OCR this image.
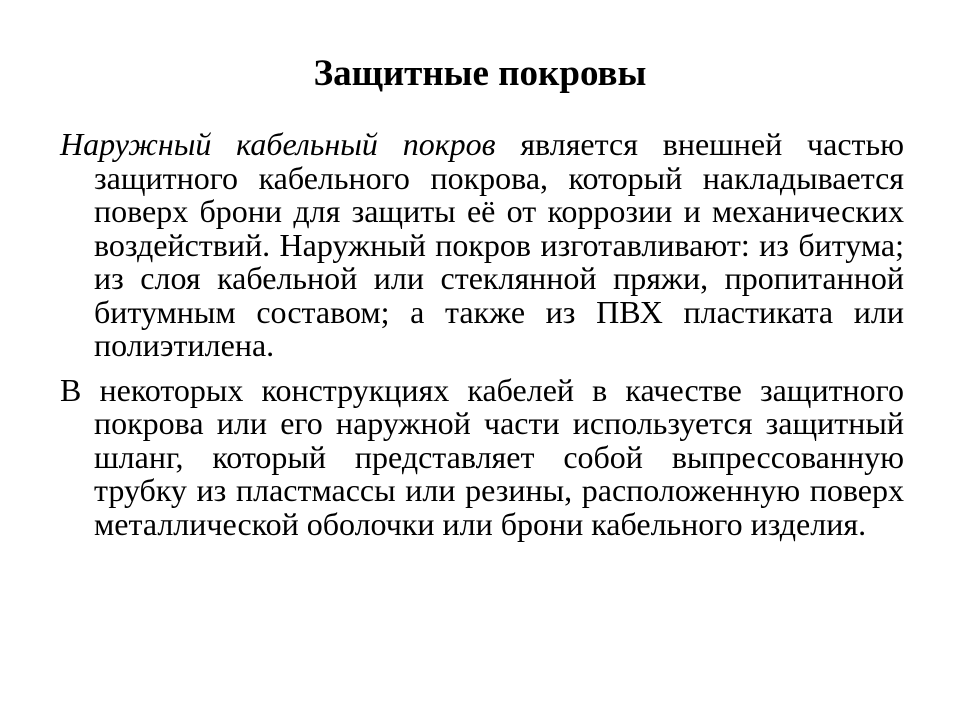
Защитные покровы

Наружный кабельный покров является внешней частью защитного кабельного покрова, который накладывается поверх брони для защиты её от коррозии и механических воздействий. Наружный покров изготавливают: из битума; из слоя кабельной или стеклянной пряжи, пропитанной битумным составом; а также из ПВХ пластиката или полиэтилена.

В некоторых конструкциях кабелей в качестве защитного покрова или его наружной части используется защитный шланг, который представляет собой выпрессованную трубку из пластмассы или резины, расположенную поверх металлической оболочки или брони кабельного изделия.
